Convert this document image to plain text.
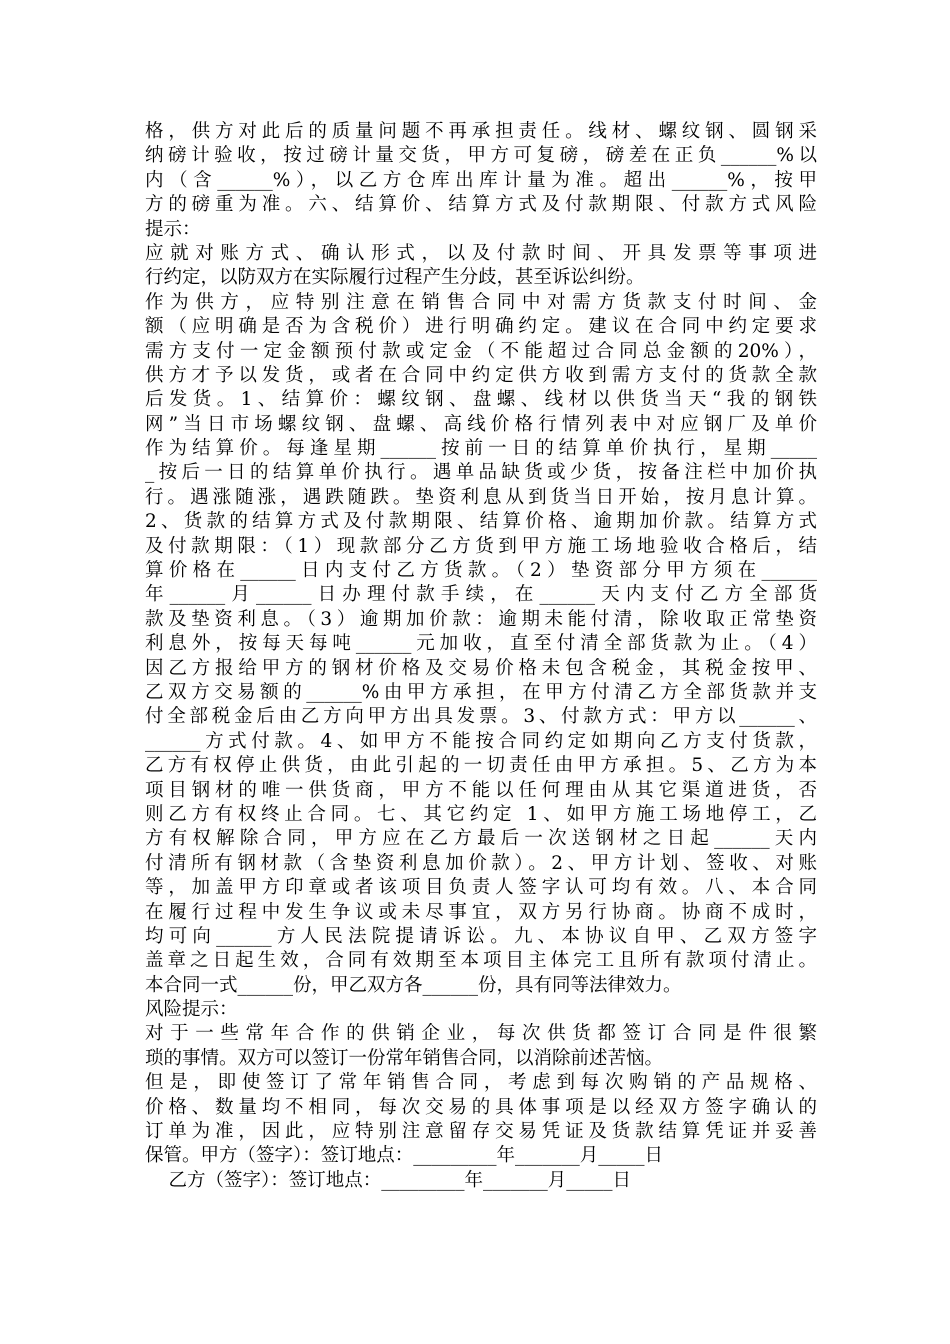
格，供方对此后的质量问题不再承担责任。线材、螺纹钢、圆钢采
纳磅计验收，按过磅计量交货，甲方可复磅，磅差在正负______%以
内（含______%），以乙方仓库出库计量为准。超出______%，按甲
方的磅重为准。六、结算价、结算方式及付款期限、付款方式风险
提示：
应就对账方式、确认形式，以及付款时间、开具发票等事项进
行约定，以防双方在实际履行过程产生分歧，甚至诉讼纠纷。
作为供方，应特别注意在销售合同中对需方货款支付时间、金
额（应明确是否为含税价）进行明确约定。建议在合同中约定要求
需方支付一定金额预付款或定金（不能超过合同总金额的20%），
供方才予以发货，或者在合同中约定供方收到需方支付的货款全款
后发货。1、结算价：螺纹钢、盘螺、线材以供货当天“我的钢铁
网”当日市场螺纹钢、盘螺、高线价格行情列表中对应钢厂及单价
作为结算价。每逢星期______按前一日的结算单价执行，星期_____
_按后一日的结算单价执行。遇单品缺货或少货，按备注栏中加价执
行。遇涨随涨，遇跌随跌。垫资利息从到货当日开始，按月息计算。
2、货款的结算方式及付款期限、结算价格、逾期加价款。结算方式
及付款期限：（1）现款部分乙方货到甲方施工场地验收合格后，结
算价格在______日内支付乙方货款。（2）垫资部分甲方须在______
年______月______日办理付款手续，在______天内支付乙方全部货
款及垫资利息。（3）逾期加价款：逾期未能付清，除收取正常垫资
利息外，按每天每吨______元加收，直至付清全部货款为止。（4）
因乙方报给甲方的钢材价格及交易价格未包含税金，其税金按甲、
乙双方交易额的______%由甲方承担，在甲方付清乙方全部货款并支
付全部税金后由乙方向甲方出具发票。3、付款方式：甲方以______、
______方式付款。4、如甲方不能按合同约定如期向乙方支付货款，
乙方有权停止供货，由此引起的一切责任由甲方承担。5、乙方为本
项目钢材的唯一供货商，甲方不能以任何理由从其它渠道进货，否
则乙方有权终止合同。七、其它约定 1、如甲方施工场地停工，乙
方有权解除合同，甲方应在乙方最后一次送钢材之日起______天内
付清所有钢材款（含垫资利息加价款）。2、甲方计划、签收、对账
等，加盖甲方印章或者该项目负责人签字认可均有效。八、本合同
在履行过程中发生争议或未尽事宜，双方另行协商。协商不成时，
均可向______方人民法院提请诉讼。九、本协议自甲、乙双方签字
盖章之日起生效，合同有效期至本项目主体完工且所有款项付清止。
本合同一式______份，甲乙双方各______份，具有同等法律效力。
风险提示：
对于一些常年合作的供销企业，每次供货都签订合同是件很繁
琐的事情。双方可以签订一份常年销售合同，以消除前述苦恼。
但是，即使签订了常年销售合同，考虑到每次购销的产品规格、
价格、数量均不相同，每次交易的具体事项是以经双方签字确认的
订单为准，因此，应特别注意留存交易凭证及货款结算凭证并妥善
保管。甲方（签字）：签订地点：_________年_______月_____日
乙方（签字）：签订地点：_________年_______月_____日
